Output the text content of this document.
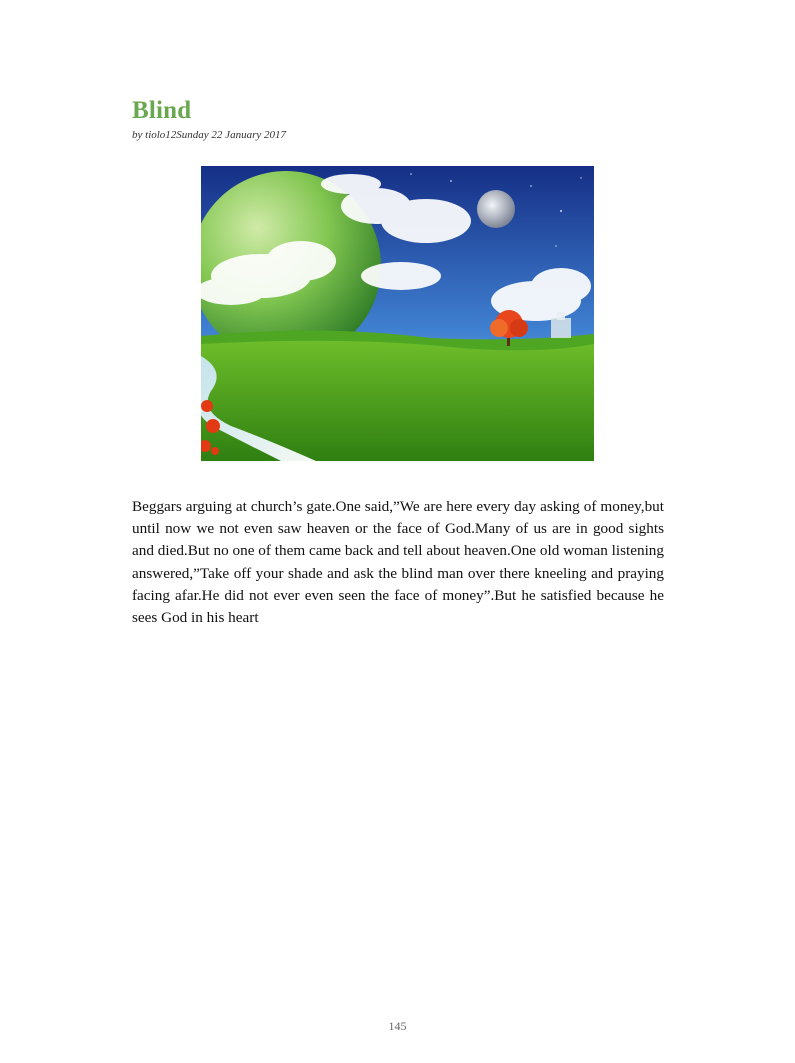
Blind
by tiolo12Sunday 22 January 2017
Beggars arguing at church’s gate.One said,”We are here every day asking of money,but until now we not even saw heaven or the face of God.Many of us are in good sights and died.But no one of them came back and tell about heaven.One old woman listening answered,”Take off your shade and ask the blind man over there kneeling and praying facing afar.He did not ever even seen the face of money”.But he satisfied because he sees God in his heart
145
